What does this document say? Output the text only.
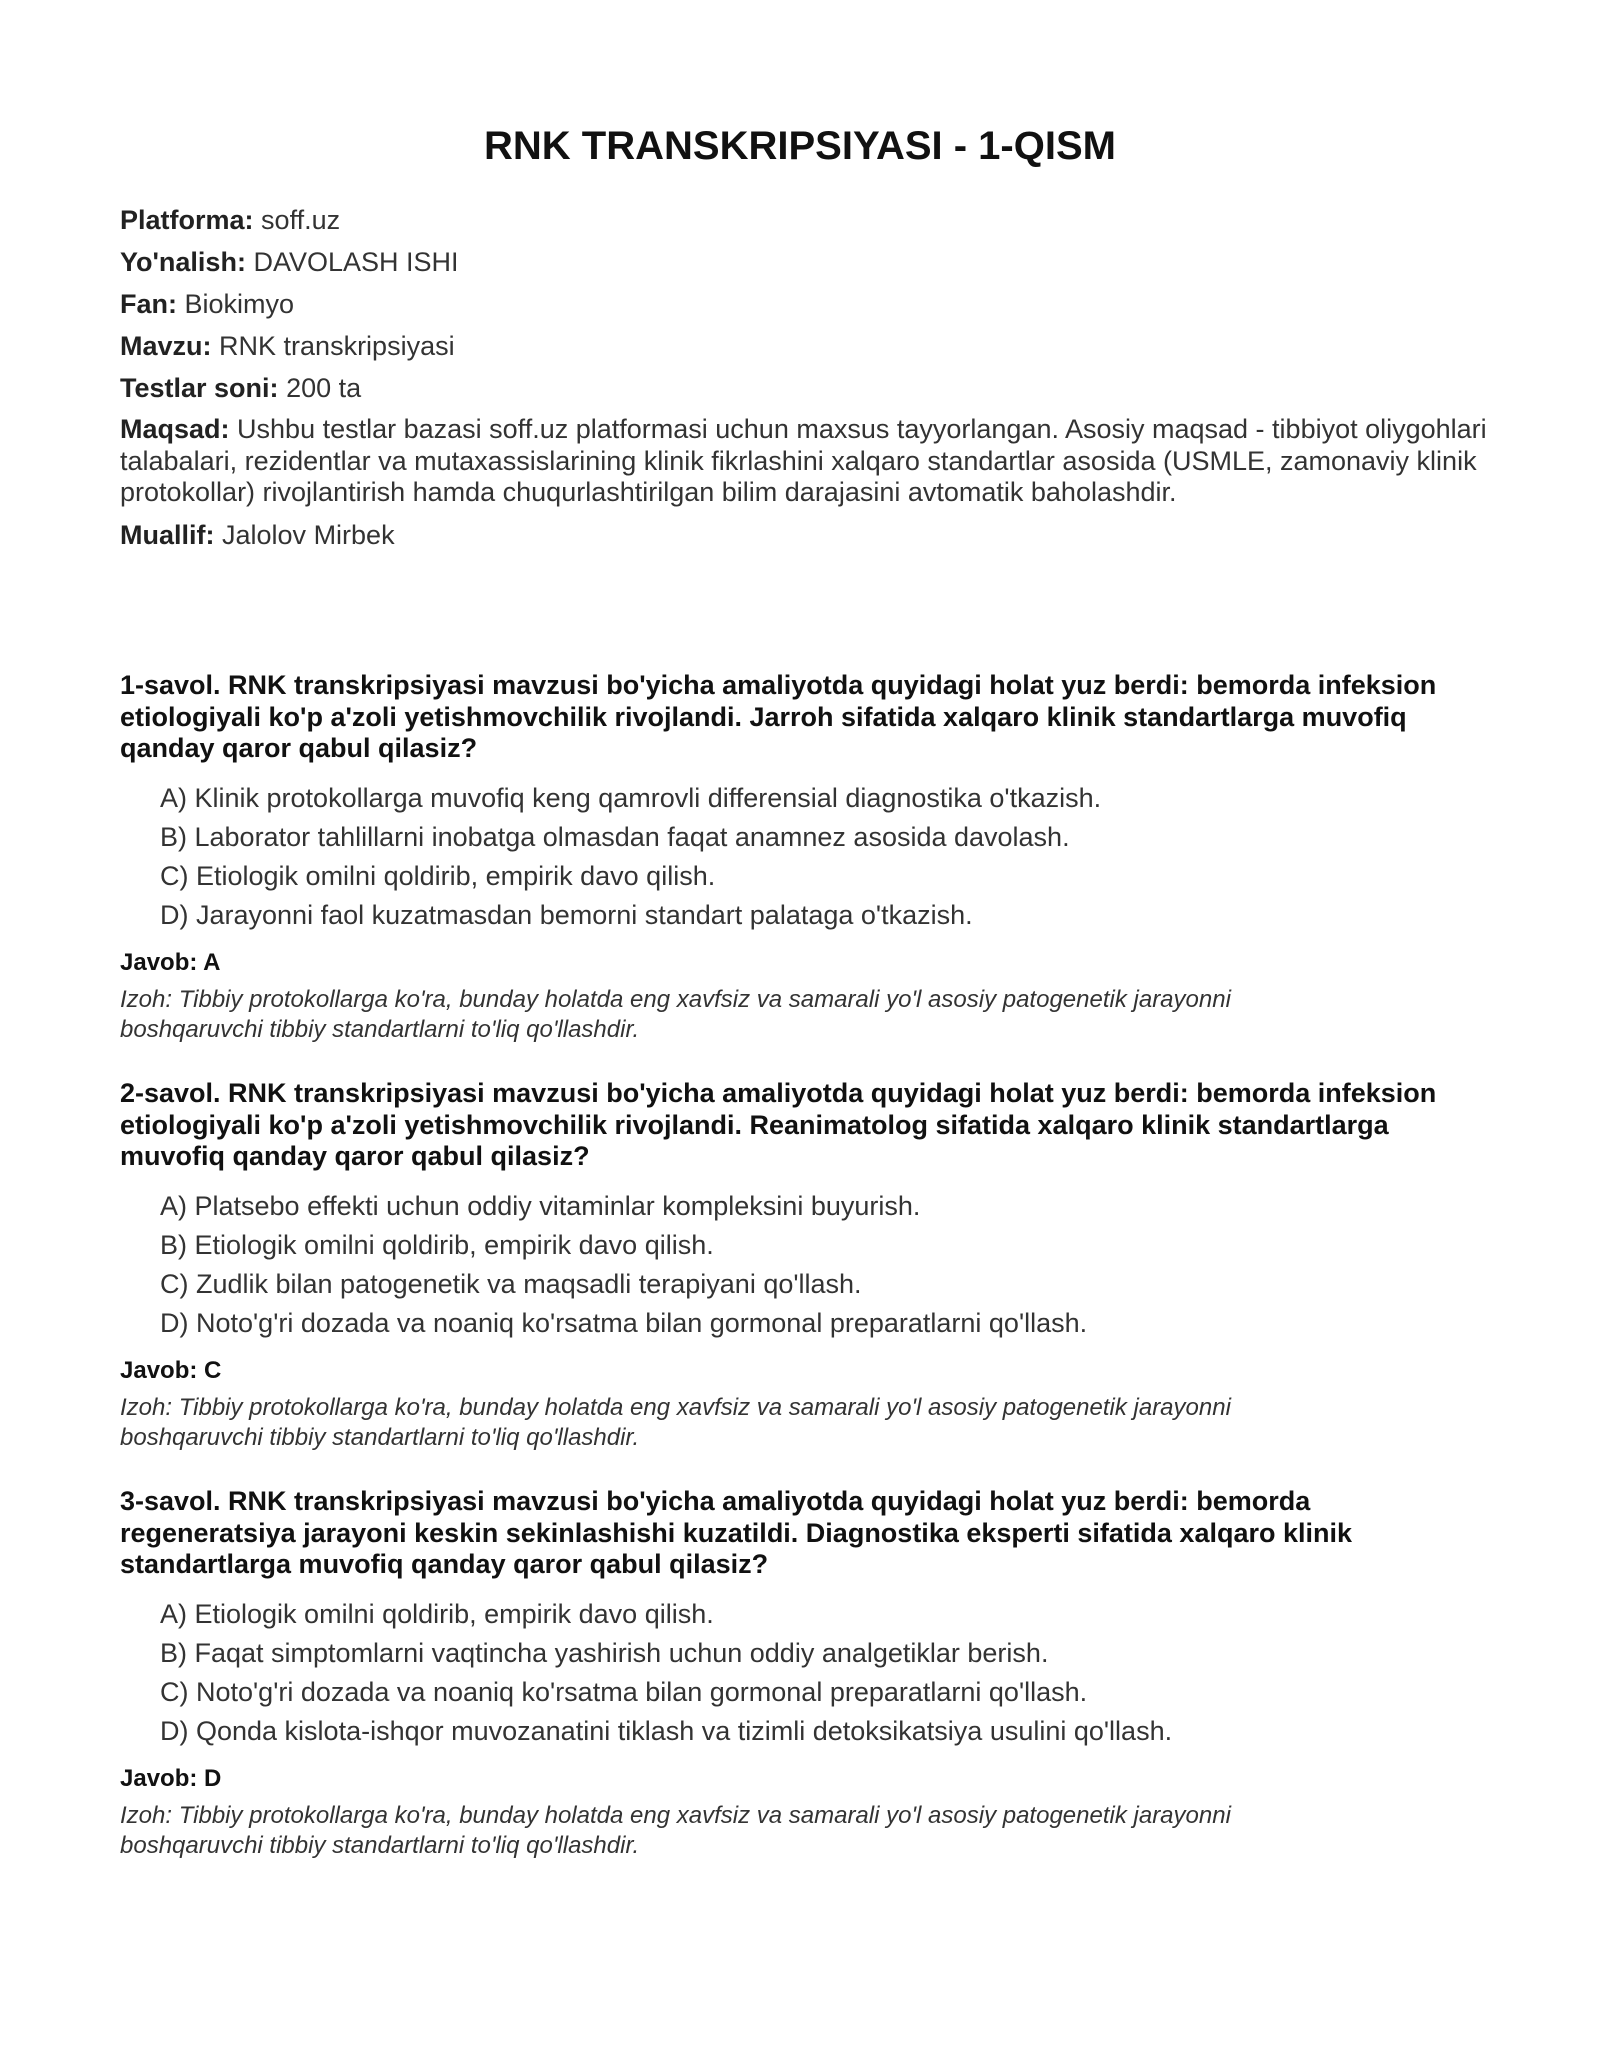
RNK TRANSKRIPSIYASI - 1-QISM

Platforma: soff.uz

Yo'nalish: DAVOLASH ISHI

Fan: Biokimyo

Mavzu: RNK transkripsiyasi

Testlar soni: 200 ta

Maqsad: Ushbu testlar bazasi soff.uz platformasi uchun maxsus tayyorlangan. Asosiy maqsad - tibbiyot oliygohlari talabalari, rezidentlar va mutaxassislarining klinik fikrlashini xalqaro standartlar asosida (USMLE, zamonaviy klinik protokollar) rivojlantirish hamda chuqurlashtirilgan bilim darajasini avtomatik baholashdir.

Muallif: Jalolov Mirbek

1-savol. RNK transkripsiyasi mavzusi bo'yicha amaliyotda quyidagi holat yuz berdi: bemorda infeksion etiologiyali ko'p a'zoli yetishmovchilik rivojlandi. Jarroh sifatida xalqaro klinik standartlarga muvofiq qanday qaror qabul qilasiz?

A) Klinik protokollarga muvofiq keng qamrovli differensial diagnostika o'tkazish.
B) Laborator tahlillarni inobatga olmasdan faqat anamnez asosida davolash.
C) Etiologik omilni qoldirib, empirik davo qilish.
D) Jarayonni faol kuzatmasdan bemorni standart palataga o'tkazish.

Javob: A

Izoh: Tibbiy protokollarga ko'ra, bunday holatda eng xavfsiz va samarali yo'l asosiy patogenetik jarayonni boshqaruvchi tibbiy standartlarni to'liq qo'llashdir.

2-savol. RNK transkripsiyasi mavzusi bo'yicha amaliyotda quyidagi holat yuz berdi: bemorda infeksion etiologiyali ko'p a'zoli yetishmovchilik rivojlandi. Reanimatolog sifatida xalqaro klinik standartlarga muvofiq qanday qaror qabul qilasiz?

A) Platsebo effekti uchun oddiy vitaminlar kompleksini buyurish.
B) Etiologik omilni qoldirib, empirik davo qilish.
C) Zudlik bilan patogenetik va maqsadli terapiyani qo'llash.
D) Noto'g'ri dozada va noaniq ko'rsatma bilan gormonal preparatlarni qo'llash.

Javob: C

Izoh: Tibbiy protokollarga ko'ra, bunday holatda eng xavfsiz va samarali yo'l asosiy patogenetik jarayonni boshqaruvchi tibbiy standartlarni to'liq qo'llashdir.

3-savol. RNK transkripsiyasi mavzusi bo'yicha amaliyotda quyidagi holat yuz berdi: bemorda regeneratsiya jarayoni keskin sekinlashishi kuzatildi. Diagnostika eksperti sifatida xalqaro klinik standartlarga muvofiq qanday qaror qabul qilasiz?

A) Etiologik omilni qoldirib, empirik davo qilish.
B) Faqat simptomlarni vaqtincha yashirish uchun oddiy analgetiklar berish.
C) Noto'g'ri dozada va noaniq ko'rsatma bilan gormonal preparatlarni qo'llash.
D) Qonda kislota-ishqor muvozanatini tiklash va tizimli detoksikatsiya usulini qo'llash.

Javob: D

Izoh: Tibbiy protokollarga ko'ra, bunday holatda eng xavfsiz va samarali yo'l asosiy patogenetik jarayonni boshqaruvchi tibbiy standartlarni to'liq qo'llashdir.
